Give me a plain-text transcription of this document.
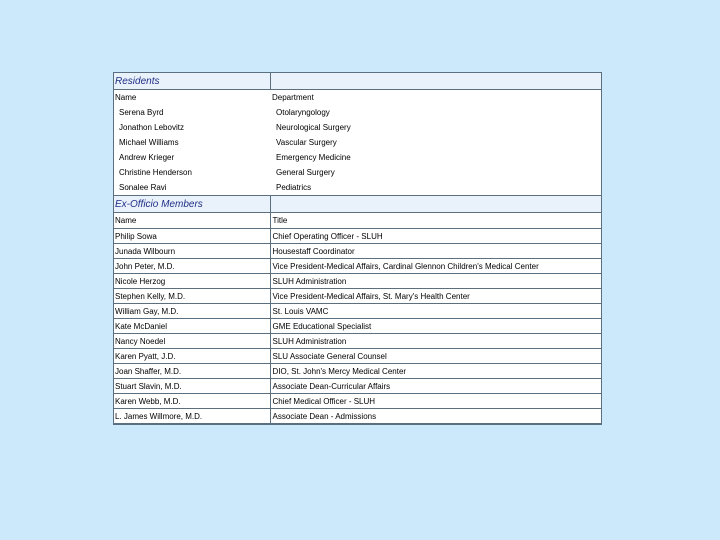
Residents	
Name	Department
Serena Byrd	Otolaryngology
Jonathon Lebovitz	Neurological Surgery
Michael Williams	Vascular Surgery
Andrew Krieger	Emergency Medicine
Christine Henderson	General Surgery
Sonalee Ravi	Pediatrics
Ex-Officio Members	
Name	Title
Philip Sowa	Chief Operating Officer - SLUH
Junada Wilbourn	Housestaff Coordinator
John Peter, M.D.	Vice President-Medical Affairs, Cardinal Glennon Children's Medical Center
Nicole Herzog	SLUH Administration
Stephen Kelly, M.D.	Vice President-Medical Affairs, St. Mary's Health Center
William Gay, M.D.	St. Louis VAMC
Kate McDaniel	GME Educational Specialist
Nancy Noedel	SLUH Administration
Karen Pyatt, J.D.	SLU Associate General Counsel
Joan Shaffer, M.D.	DIO, St. John's Mercy Medical Center
Stuart Slavin, M.D.	Associate Dean-Curricular Affairs
Karen Webb, M.D.	Chief Medical Officer - SLUH
L. James Willmore, M.D.	Associate Dean - Admissions
